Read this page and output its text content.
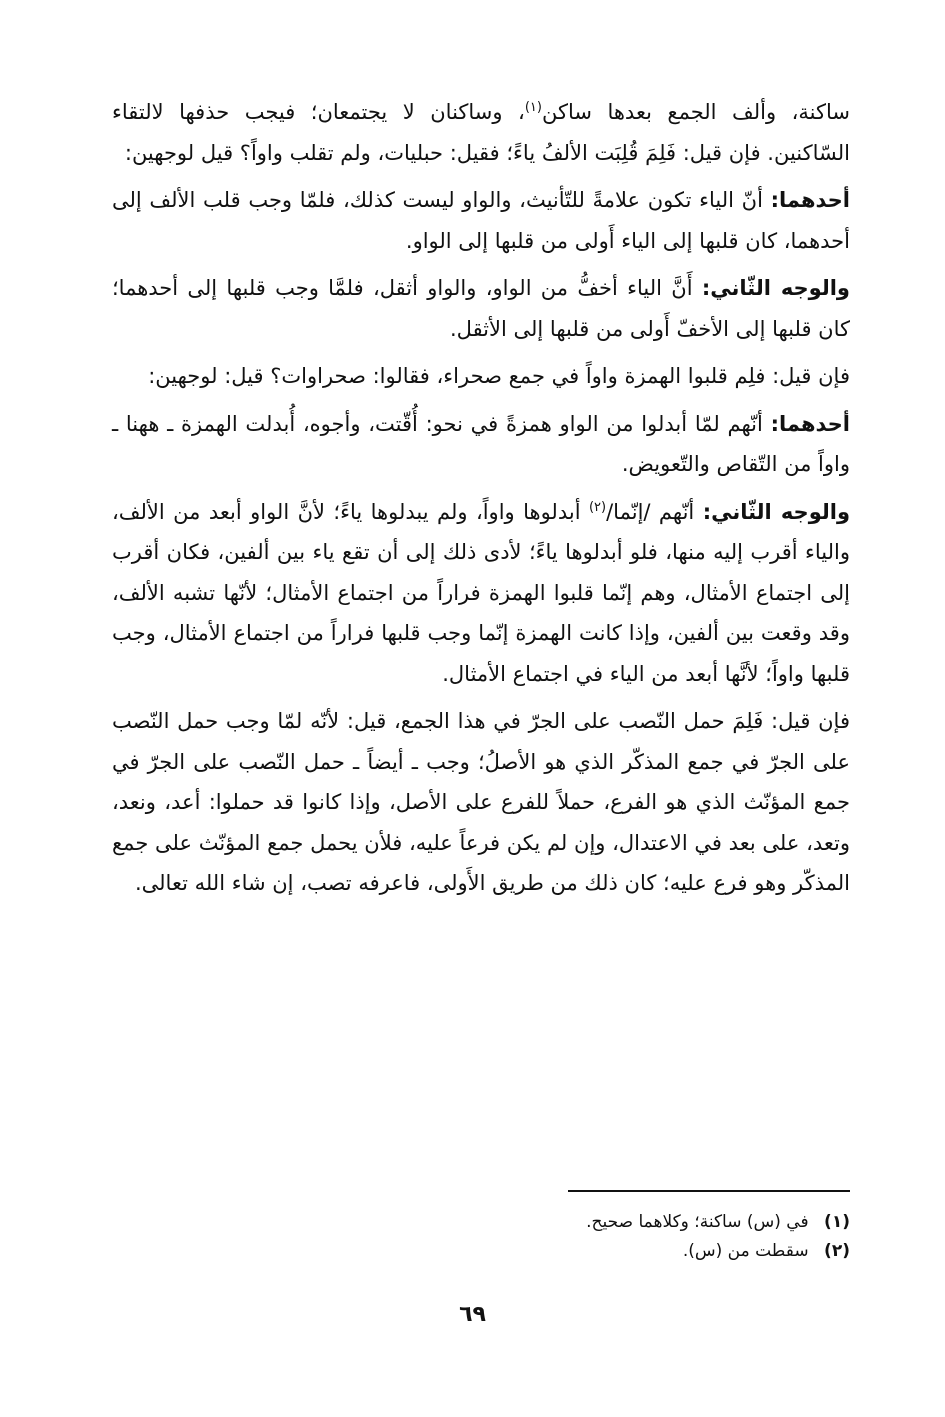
ساكنة، وألف الجمع بعدها ساكن$^{(١)}$، وساكنان لا يجتمعان؛ فيجب حذفها لالتقاء السّاكنين. فإن قيل: فَلِمَ قُلِبَت الألفُ ياءً؛ فقيل: حبليات، ولم تقلب واواً؟ قيل لوجهين:

أحدهما: أنّ الياء تكون علامةً للتّأنيث، والواو ليست كذلك، فلمّا وجب قلب الألف إلى أحدهما، كان قلبها إلى الياء أَولى من قلبها إلى الواو.

والوجه الثّاني: أَنَّ الياء أخفُّ من الواو، والواو أثقل، فلمَّا وجب قلبها إلى أحدهما؛ كان قلبها إلى الأخفّ أَولى من قلبها إلى الأثقل.

فإن قيل: فلِم قلبوا الهمزة واواً في جمع صحراء، فقالوا: صحراوات؟ قيل: لوجهين:

أحدهما: أنّهم لمّا أبدلوا من الواو همزةً في نحو: أُقّتت، وأجوه، أُبدلت الهمزة ـ ههنا ـ واواً من التّقاص والتّعويض.

والوجه الثّاني: أنّهم /إنّما/$^{(٢)}$ أبدلوها واواً، ولم يبدلوها ياءً؛ لأنَّ الواو أبعد من الألف، والياء أقرب إليه منها، فلو أبدلوها ياءً؛ لأدى ذلك إلى أن تقع ياء بين ألفين، فكان أقرب إلى اجتماع الأمثال، وهم إنّما قلبوا الهمزة فراراً من اجتماع الأمثال؛ لأنّها تشبه الألف، وقد وقعت بين ألفين، وإذا كانت الهمزة إنّما وجب قلبها فراراً من اجتماع الأمثال، وجب قلبها واواً؛ لأنَّها أبعد من الياء في اجتماع الأمثال.

فإن قيل: فَلِمَ حمل النّصب على الجرّ في هذا الجمع، قيل: لأنّه لمّا وجب حمل النّصب على الجرّ في جمع المذكّر الذي هو الأصلُ؛ وجب ـ أيضاً ـ حمل النّصب على الجرّ في جمع المؤنّث الذي هو الفرع، حملاً للفرع على الأصل، وإذا كانوا قد حملوا: أعد، ونعد، وتعد، على بعد في الاعتدال، وإن لم يكن فرعاً عليه، فلأن يحمل جمع المؤنّث على جمع المذكّر وهو فرع عليه؛ كان ذلك من طريق الأَولى، فاعرفه تصب، إن شاء الله تعالى.

(١) في (س) ساكنة؛ وكلاهما صحيح.
(٢) سقطت من (س).
٦٩
